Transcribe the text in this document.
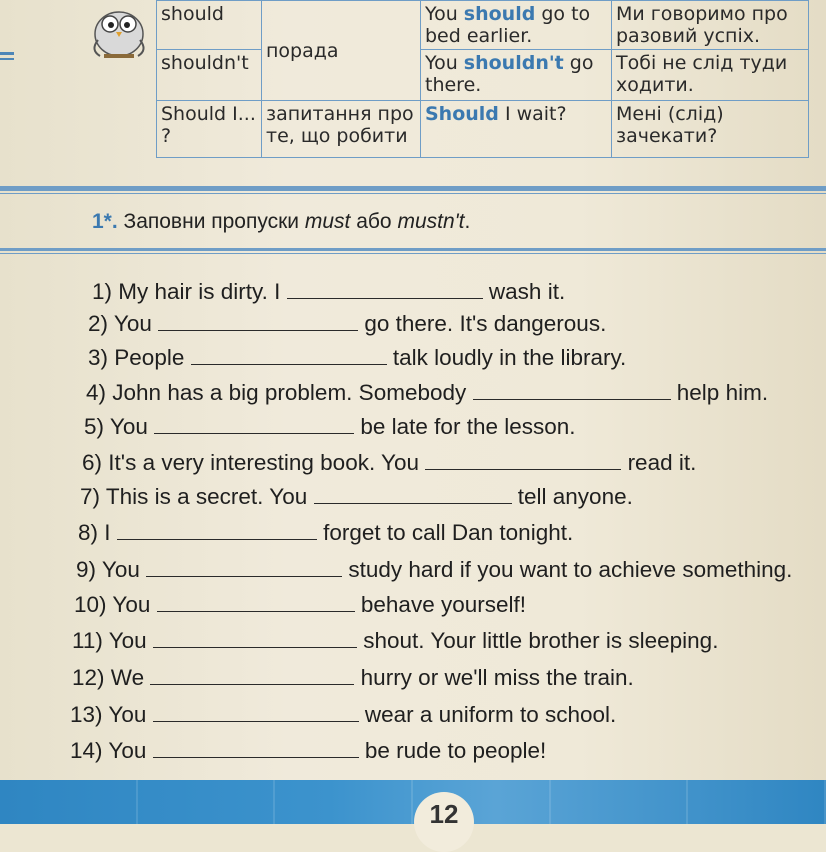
should	порада	You should go to bed earlier.	Ми говоримо про разовий успіх.
shouldn't		You shouldn't go there.	Тобі не слід туди ходити.
Should I... ?	запитання про те, що робити	Should I wait?	Мені (слід) зачекати?
1*. Заповни пропуски must або mustn't.
1) My hair is dirty. I	wash it.
2) You	go there. It's dangerous.
3) People	talk loudly in the library.
4) John has a big problem. Somebody	help him.
5) You	be late for the lesson.
6) It's a very interesting book. You	read it.
7) This is a secret. You	tell anyone.
8) I	forget to call Dan tonight.
9) You	study hard if you want to achieve something.
10) You	behave yourself!
11) You	shout. Your little brother is sleeping.
12) We	hurry or we'll miss the train.
13) You	wear a uniform to school.
14) You	be rude to people!
12
